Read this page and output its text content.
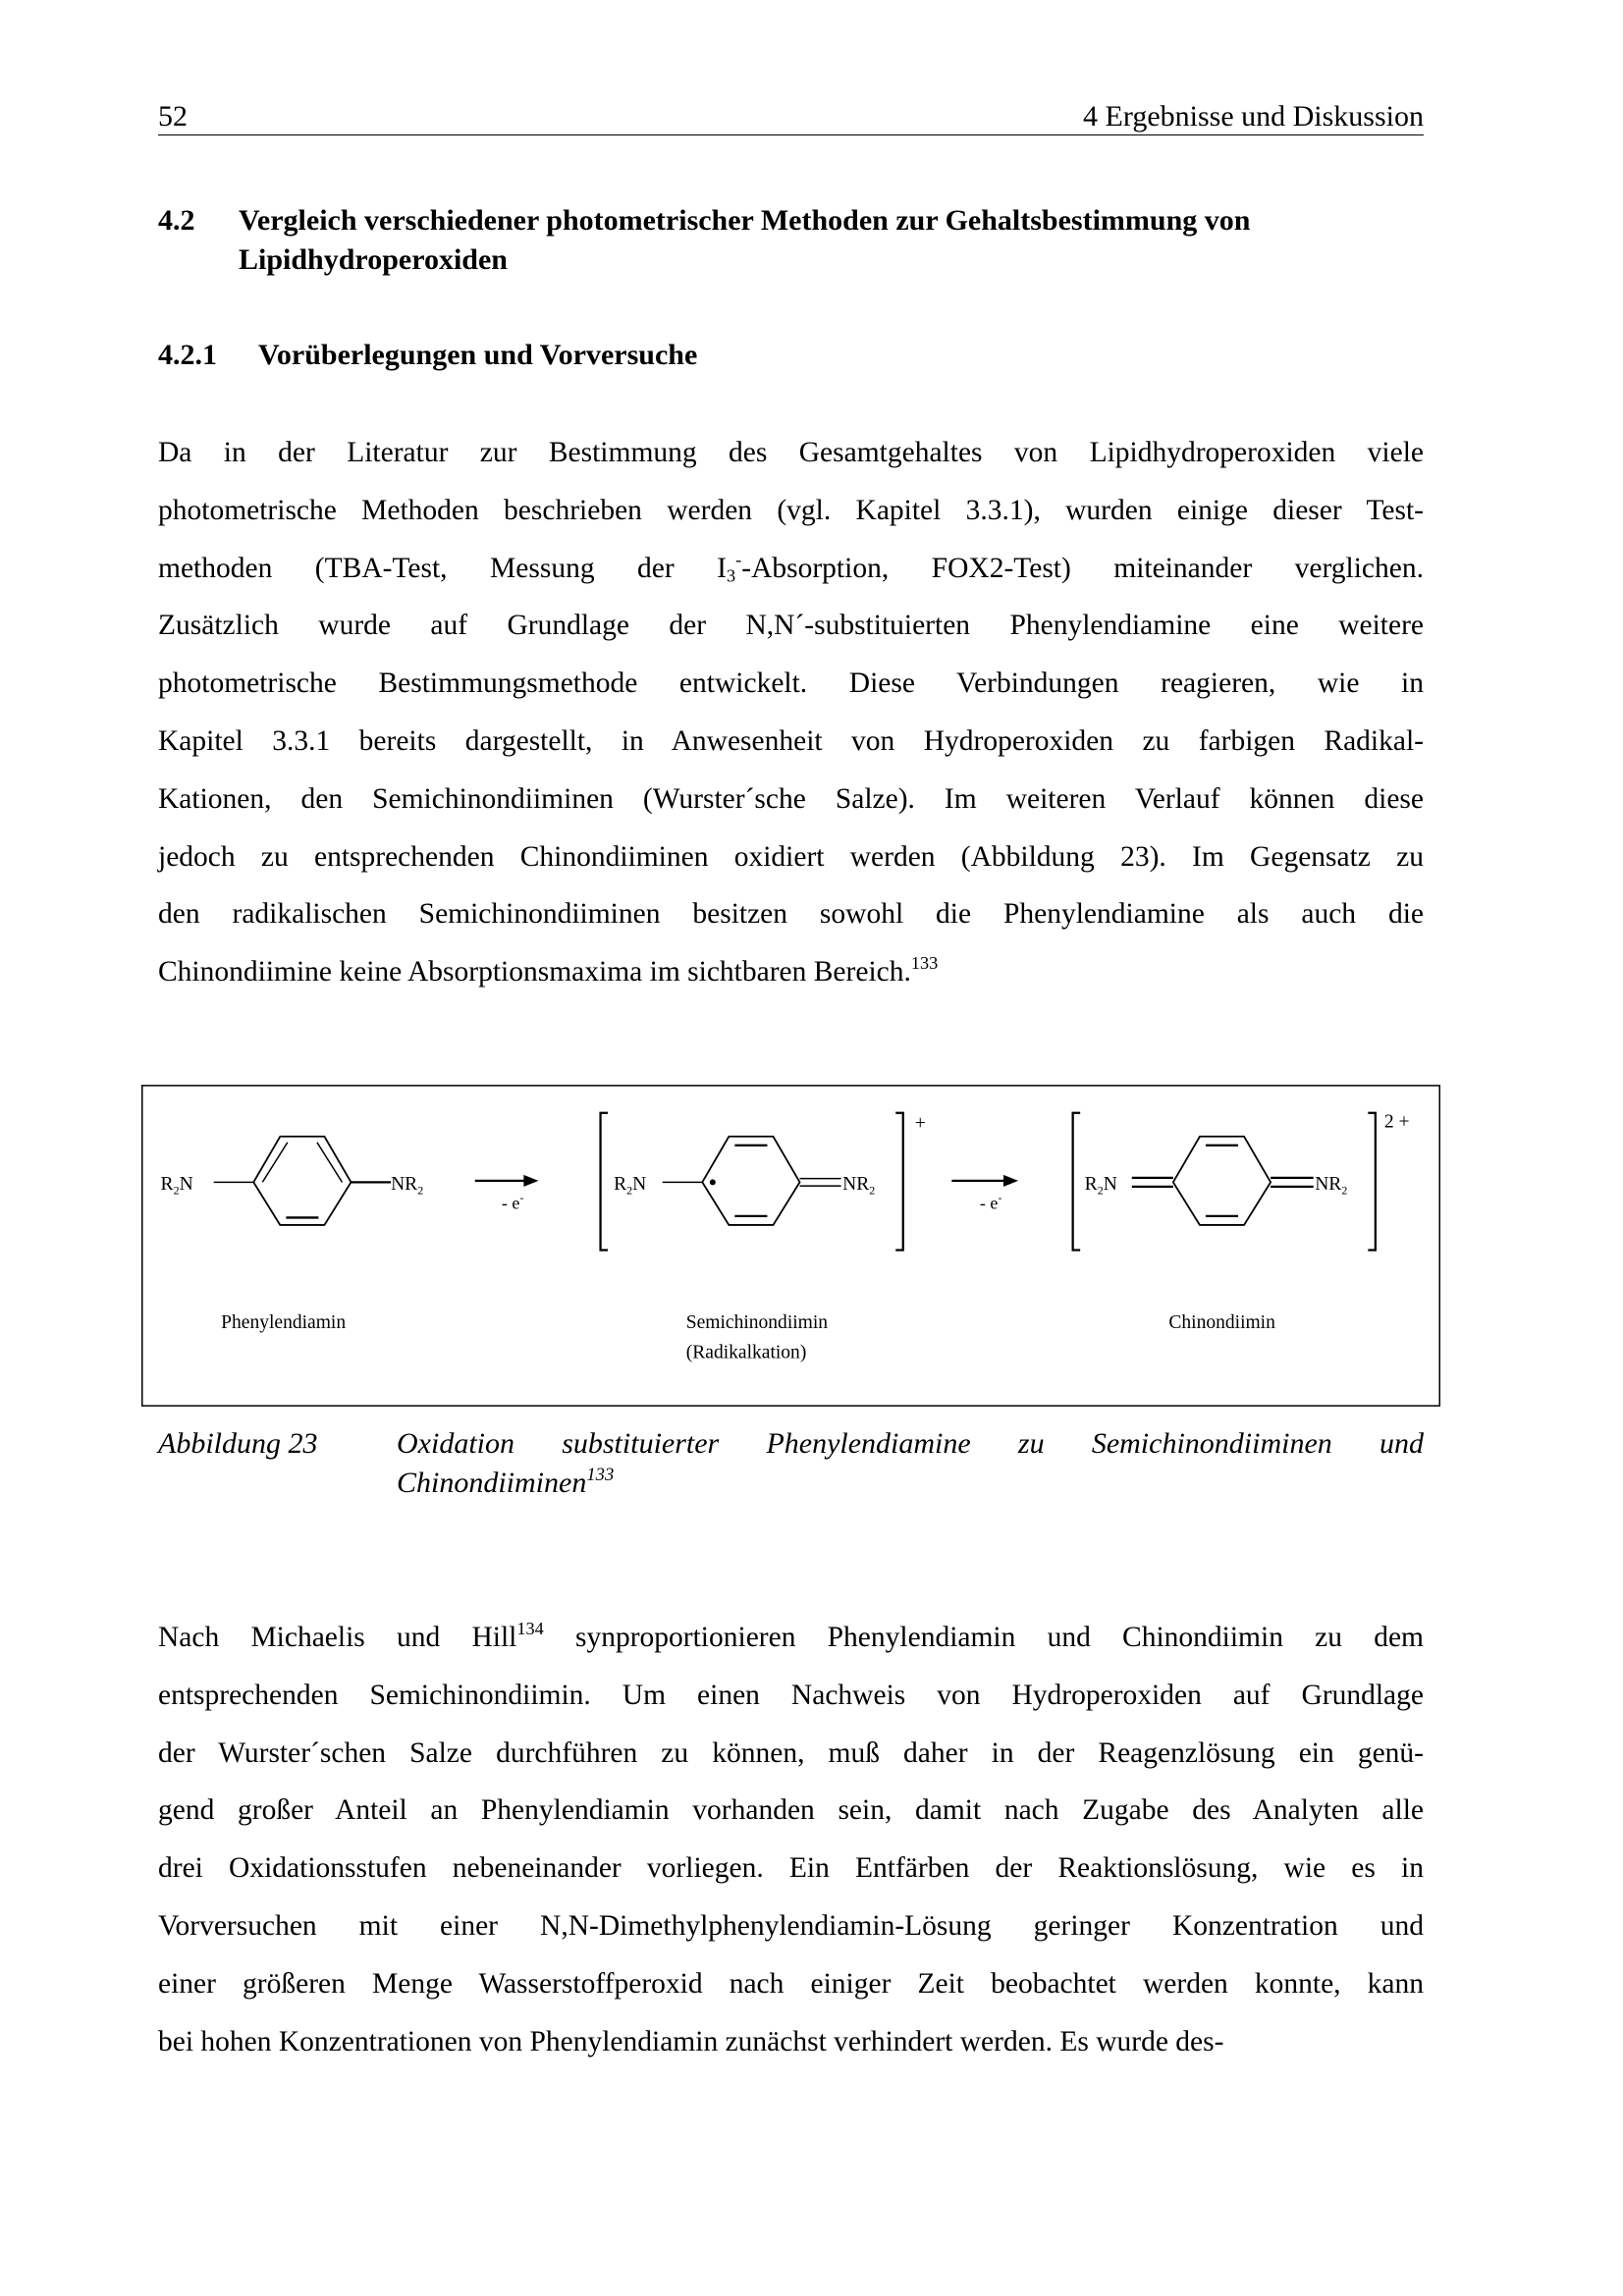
52	4 Ergebnisse und Diskussion
4.2 Vergleich verschiedener photometrischer Methoden zur Gehaltsbestimmung von Lipidhydroperoxiden
4.2.1 Vorüberlegungen und Vorversuche
Da in der Literatur zur Bestimmung des Gesamtgehaltes von Lipidhydroperoxiden viele
photometrische Methoden beschrieben werden (vgl. Kapitel 3.3.1), wurden einige dieser Test-
methoden (TBA-Test, Messung der $I_3^-$-Absorption, FOX2-Test) miteinander verglichen.
Zusätzlich wurde auf Grundlage der N,N´-substituierten Phenylendiamine eine weitere
photometrische Bestimmungsmethode entwickelt. Diese Verbindungen reagieren, wie in
Kapitel 3.3.1 bereits dargestellt, in Anwesenheit von Hydroperoxiden zu farbigen Radikal-
Kationen, den Semichinondiiminen (Wurster´sche Salze). Im weiteren Verlauf können diese
jedoch zu entsprechenden Chinondiiminen oxidiert werden (Abbildung 23). Im Gegensatz zu
den radikalischen Semichinondiiminen besitzen sowohl die Phenylendiamine als auch die
Chinondiimine keine Absorptionsmaxima im sichtbaren Bereich.$^{133}$
$R_2N$	$NR_2$
- e-
+
$R_2N$	$NR_2$
- e-
2 +
$R_2N$	$NR_2$
Phenylendiamin	Semichinondiimin
(Radikalkation)
Chinondiimin
Abbildung 23	Oxidation substituierter Phenylendiamine zu Semichinondiiminen und
Chinondiiminen$^{133}$
Nach Michaelis und Hill$^{134}$ synproportionieren Phenylendiamin und Chinondiimin zu dem
entsprechenden Semichinondiimin. Um einen Nachweis von Hydroperoxiden auf Grundlage
der Wurster´schen Salze durchführen zu können, muß daher in der Reagenzlösung ein genü-
gend großer Anteil an Phenylendiamin vorhanden sein, damit nach Zugabe des Analyten alle
drei Oxidationsstufen nebeneinander vorliegen. Ein Entfärben der Reaktionslösung, wie es in
Vorversuchen mit einer N,N-Dimethylphenylendiamin-Lösung geringer Konzentration und
einer größeren Menge Wasserstoffperoxid nach einiger Zeit beobachtet werden konnte, kann
bei hohen Konzentrationen von Phenylendiamin zunächst verhindert werden. Es wurde des-
